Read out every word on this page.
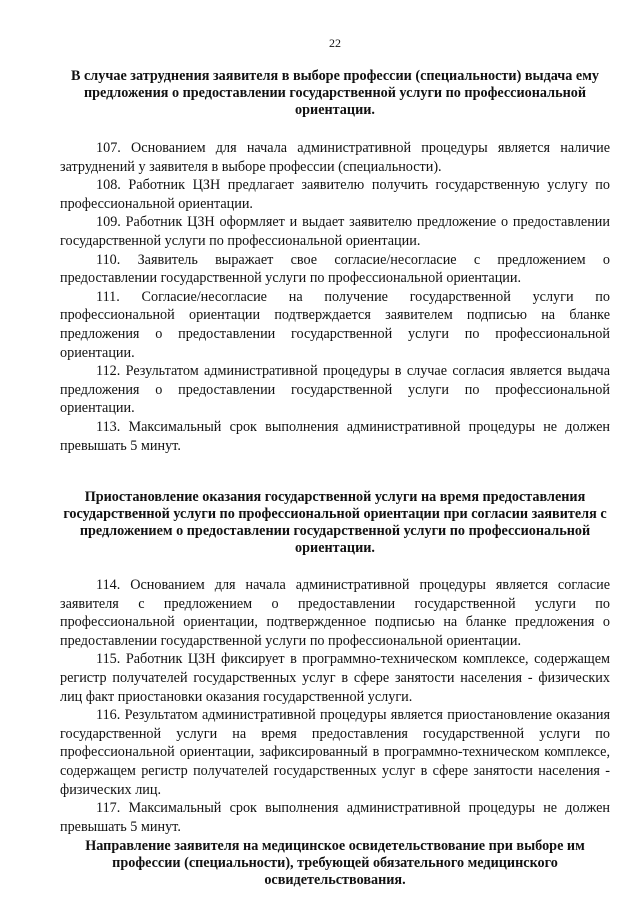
22

В случае затруднения заявителя в выборе профессии (специальности) выдача ему предложения о предоставлении государственной услуги по профессиональной ориентации.

107. Основанием для начала административной процедуры является наличие затруднений у заявителя в выборе профессии (специальности).

108. Работник ЦЗН предлагает заявителю получить государственную услугу по профессиональной ориентации.

109. Работник ЦЗН оформляет и выдает заявителю предложение о предоставлении государственной услуги по профессиональной ориентации.

110. Заявитель выражает свое согласие/несогласие с предложением о предоставлении государственной услуги по профессиональной ориентации.

111. Согласие/несогласие на получение государственной услуги по профессиональной ориентации подтверждается заявителем подписью на бланке предложения о предоставлении государственной услуги по профессиональной ориентации.

112. Результатом административной процедуры в случае согласия является выдача предложения о предоставлении государственной услуги по профессиональной ориентации.

113. Максимальный срок выполнения административной процедуры не должен превышать 5 минут.

Приостановление оказания государственной услуги на время предоставления государственной услуги по профессиональной ориентации при согласии заявителя с предложением о предоставлении государственной услуги по профессиональной ориентации.

114. Основанием для начала административной процедуры является согласие заявителя с предложением о предоставлении государственной услуги по профессиональной ориентации, подтвержденное подписью на бланке предложения о предоставлении государственной услуги по профессиональной ориентации.

115. Работник ЦЗН фиксирует в программно-техническом комплексе, содержащем регистр получателей государственных услуг в сфере занятости населения - физических лиц факт приостановки оказания государственной услуги.

116. Результатом административной процедуры является приостановление оказания государственной услуги на время предоставления государственной услуги по профессиональной ориентации, зафиксированный в программно-техническом комплексе, содержащем регистр получателей государственных услуг в сфере занятости населения - физических лиц.

117. Максимальный срок выполнения административной процедуры не должен превышать 5 минут.

Направление заявителя на медицинское освидетельствование при выборе им профессии (специальности), требующей обязательного медицинского освидетельствования.
